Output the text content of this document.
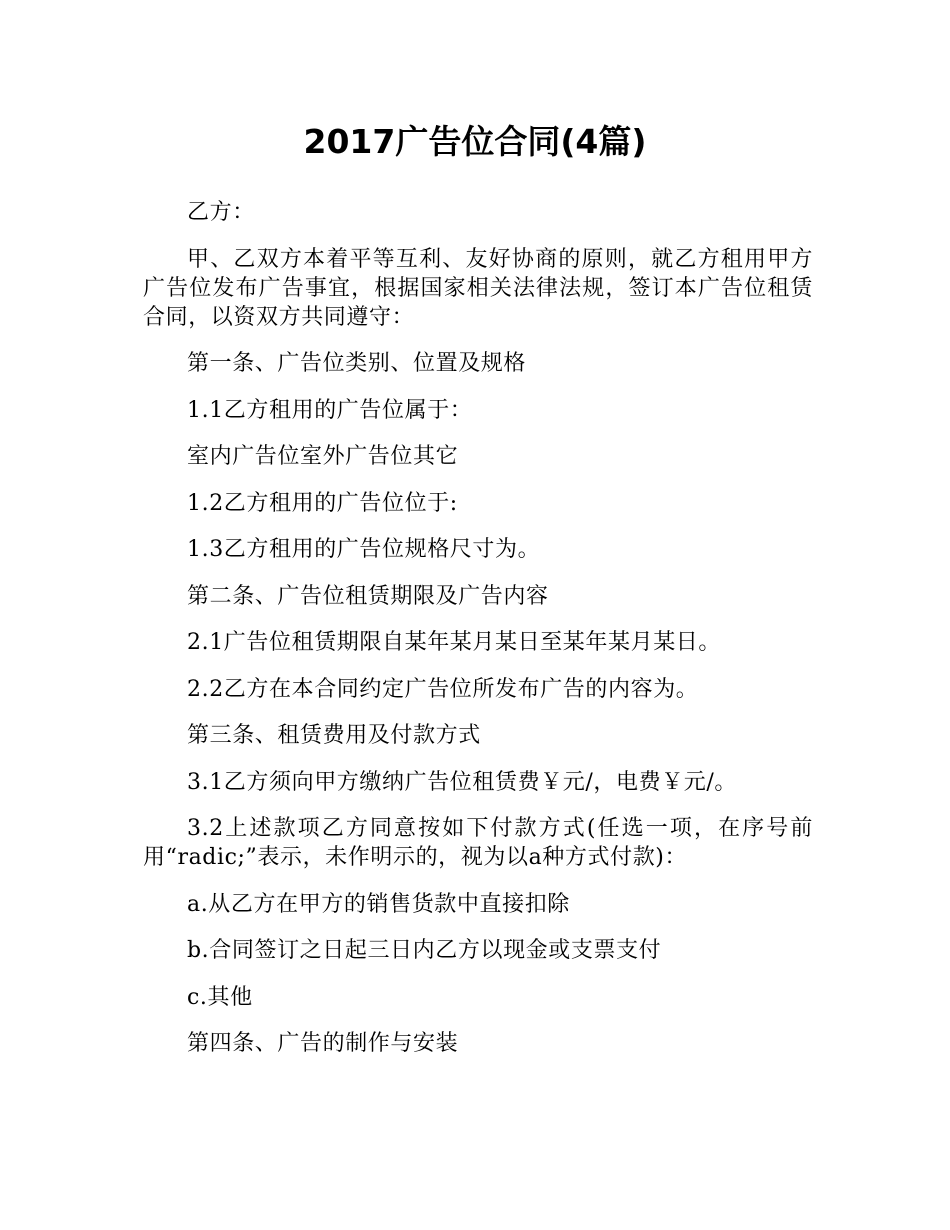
2017广告位合同(4篇)

乙方：

甲、乙双方本着平等互利、友好协商的原则，就乙方租用甲方广告位发布广告事宜，根据国家相关法律法规，签订本广告位租赁合同，以资双方共同遵守：

第一条、广告位类别、位置及规格

1.1乙方租用的广告位属于：

室内广告位室外广告位其它

1.2乙方租用的广告位位于:

1.3乙方租用的广告位规格尺寸为。

第二条、广告位租赁期限及广告内容

2.1广告位租赁期限自某年某月某日至某年某月某日。

2.2乙方在本合同约定广告位所发布广告的内容为。

第三条、租赁费用及付款方式

3.1乙方须向甲方缴纳广告位租赁费￥元/，电费￥元/。

3.2上述款项乙方同意按如下付款方式(任选一项，在序号前用“radic;”表示，未作明示的，视为以a种方式付款)：

a.从乙方在甲方的销售货款中直接扣除

b.合同签订之日起三日内乙方以现金或支票支付

c.其他

第四条、广告的制作与安装
